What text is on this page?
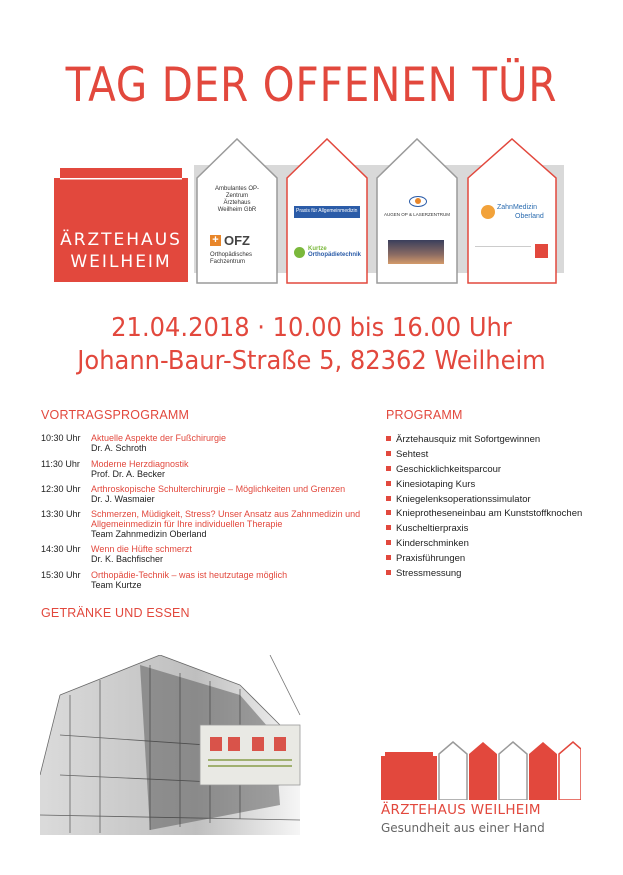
TAG DER OFFENEN TÜR
ÄRZTEHAUS
WEILHEIM
Ambulantes OP-Zentrum Ärztehaus Weilheim GbR
+ OFZ
Orthopädisches Fachzentrum
Praxis für Allgemeinmedizin
Kurtze
Orthopädietechnik
AUGEN OP & LASERZENTRUM
ZahnMedizin
Oberland
21.04.2018 · 10.00 bis 16.00 Uhr
Johann-Baur-Straße 5, 82362 Weilheim
VORTRAGSPROGRAMM
10:30 Uhr	Aktuelle Aspekte der Fußchirurgie
Dr. A. Schroth
11:30 Uhr	Moderne Herzdiagnostik
Prof. Dr. A. Becker
12:30 Uhr	Arthroskopische Schulterchirurgie – Möglichkeiten und Grenzen
Dr. J. Wasmaier
13:30 Uhr	Schmerzen, Müdigkeit, Stress? Unser Ansatz aus Zahnmedizin und Allgemeinmedizin für Ihre individuellen Therapie
Team Zahnmedizin Oberland
14:30 Uhr	Wenn die Hüfte schmerzt
Dr. K. Bachfischer
15:30 Uhr	Orthopädie-Technik – was ist heutzutage möglich
Team Kurtze
PROGRAMM
Ärztehausquiz mit Sofortgewinnen
Sehtest
Geschicklichkeitsparcour
Kinesiotaping Kurs
Kniegelenksoperationssimulator
Knieprotheseneinbau am Kunststoffknochen
Kuscheltierpraxis
Kinderschminken
Praxisführungen
Stressmessung
GETRÄNKE UND ESSEN
ÄRZTEHAUS WEILHEIM
Gesundheit aus einer Hand
